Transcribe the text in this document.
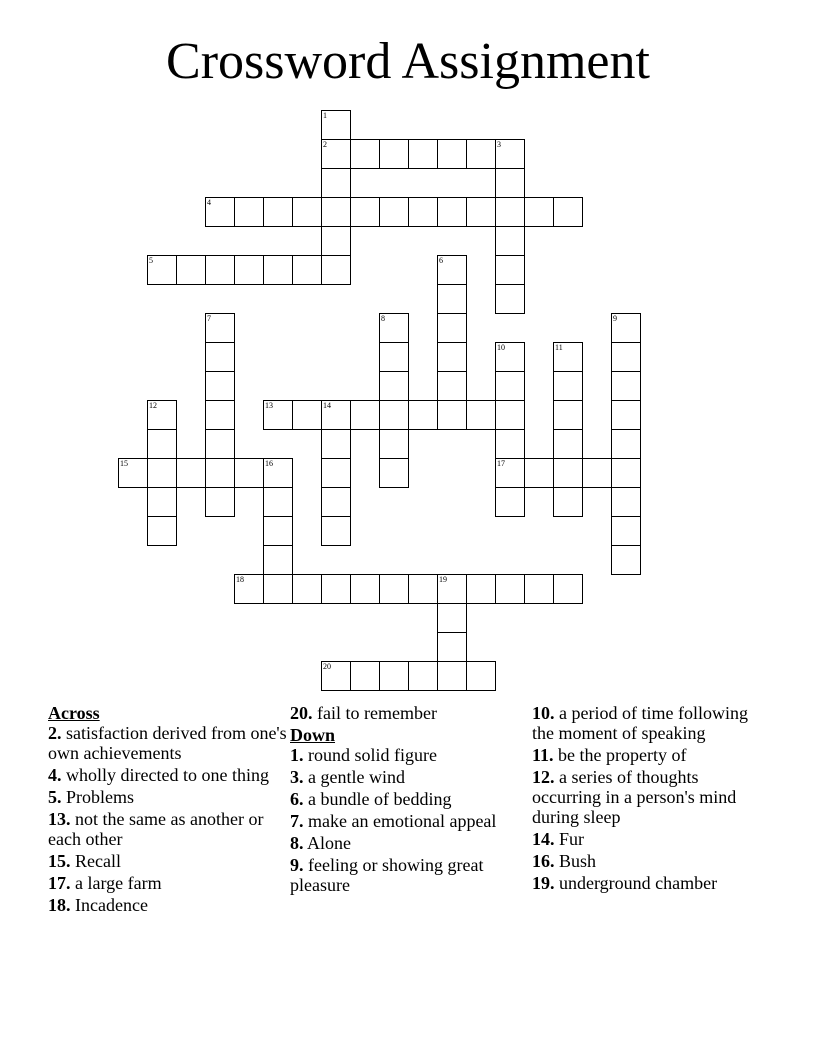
Crossword Assignment
1
2	3
4
5	6
7	8	9
10
17
11
12	13	14
15	16
18	19
20
Across
2. satisfaction derived from one's own achievements
4. wholly directed to one thing
5. Problems
13. not the same as another or each other
15. Recall
17. a large farm
18. Incadence
20. fail to remember
Down
1. round solid figure
3. a gentle wind
6. a bundle of bedding
7. make an emotional appeal
8. Alone
9. feeling or showing great pleasure
10. a period of time following the moment of speaking
11. be the property of
12. a series of thoughts occurring in a person's mind during sleep
14. Fur
16. Bush
19. underground chamber
